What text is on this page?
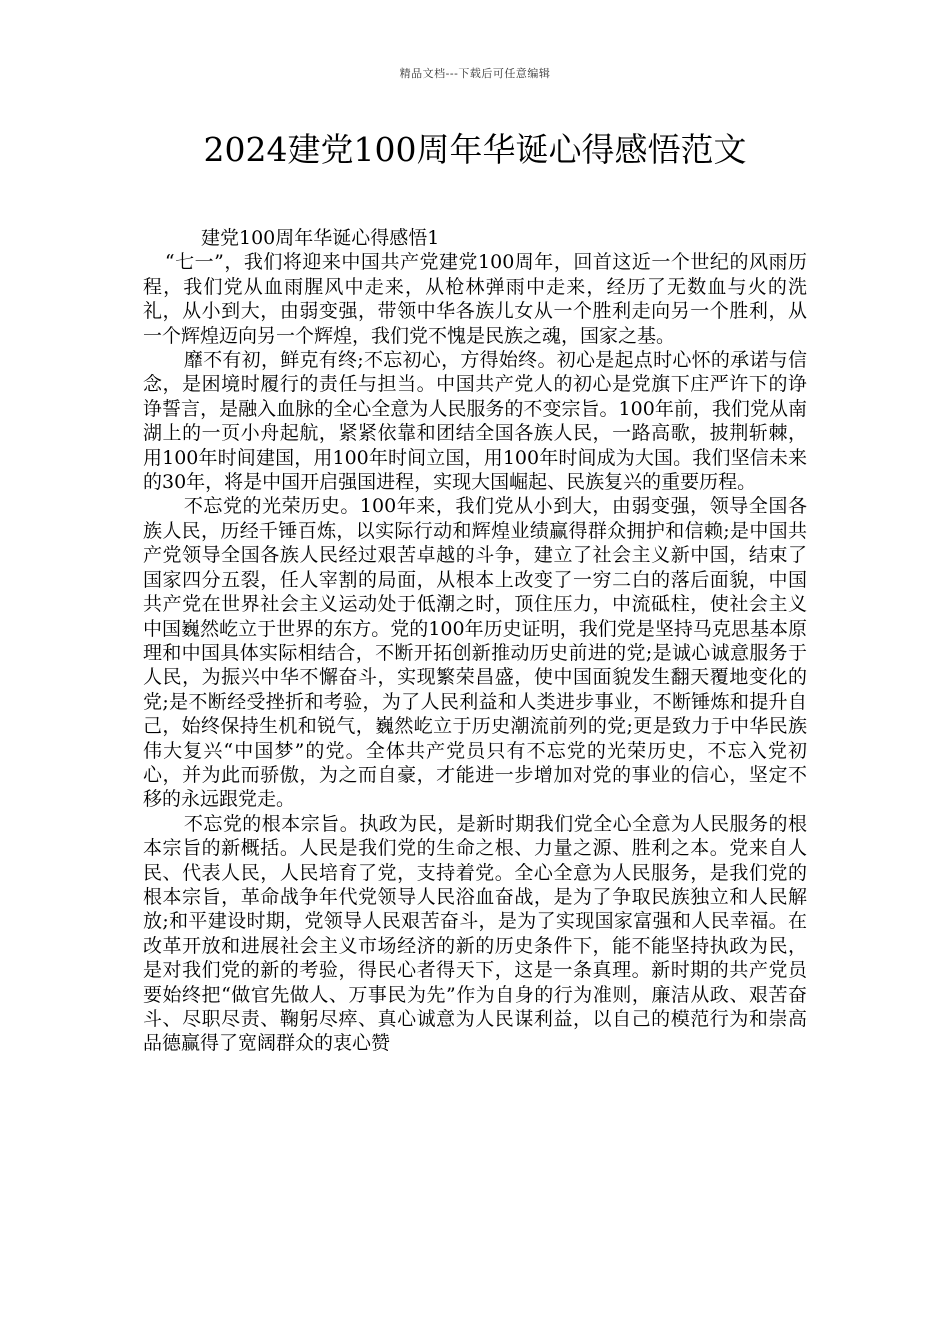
精品文档---下载后可任意编辑
2024建党100周年华诞心得感悟范文

建党100周年华诞心得感悟1

“七一”，我们将迎来中国共产党建党100周年，回首这近一个世纪的风雨历程，我们党从血雨腥风中走来，从枪林弹雨中走来，经历了无数血与火的洗礼，从小到大，由弱变强，带领中华各族儿女从一个胜利走向另一个胜利，从一个辉煌迈向另一个辉煌，我们党不愧是民族之魂，国家之基。

靡不有初，鲜克有终;不忘初心，方得始终。初心是起点时心怀的承诺与信念，是困境时履行的责任与担当。中国共产党人的初心是党旗下庄严许下的诤诤誓言，是融入血脉的全心全意为人民服务的不变宗旨。100年前，我们党从南湖上的一页小舟起航，紧紧依靠和团结全国各族人民，一路高歌，披荆斩棘，用100年时间建国，用100年时间立国，用100年时间成为大国。我们坚信未来的30年，将是中国开启强国进程，实现大国崛起、民族复兴的重要历程。

不忘党的光荣历史。100年来，我们党从小到大，由弱变强，领导全国各族人民，历经千锤百炼，以实际行动和辉煌业绩赢得群众拥护和信赖;是中国共产党领导全国各族人民经过艰苦卓越的斗争，建立了社会主义新中国，结束了国家四分五裂，任人宰割的局面，从根本上改变了一穷二白的落后面貌，中国共产党在世界社会主义运动处于低潮之时，顶住压力，中流砥柱，使社会主义中国巍然屹立于世界的东方。党的100年历史证明，我们党是坚持马克思基本原理和中国具体实际相结合，不断开拓创新推动历史前进的党;是诚心诚意服务于人民，为振兴中华不懈奋斗，实现繁荣昌盛，使中国面貌发生翻天覆地变化的党;是不断经受挫折和考验，为了人民利益和人类进步事业，不断锤炼和提升自己，始终保持生机和锐气，巍然屹立于历史潮流前列的党;更是致力于中华民族伟大复兴“中国梦”的党。全体共产党员只有不忘党的光荣历史，不忘入党初心，并为此而骄傲，为之而自豪，才能进一步增加对党的事业的信心，坚定不移的永远跟党走。

不忘党的根本宗旨。执政为民，是新时期我们党全心全意为人民服务的根本宗旨的新概括。人民是我们党的生命之根、力量之源、胜利之本。党来自人民、代表人民，人民培育了党，支持着党。全心全意为人民服务，是我们党的根本宗旨，革命战争年代党领导人民浴血奋战，是为了争取民族独立和人民解放;和平建设时期，党领导人民艰苦奋斗，是为了实现国家富强和人民幸福。在改革开放和进展社会主义市场经济的新的历史条件下，能不能坚持执政为民，是对我们党的新的考验，得民心者得天下，这是一条真理。新时期的共产党员要始终把“做官先做人、万事民为先”作为自身的行为准则，廉洁从政、艰苦奋斗、尽职尽责、鞠躬尽瘁、真心诚意为人民谋利益，以自己的模范行为和崇高品德赢得了宽阔群众的衷心赞
